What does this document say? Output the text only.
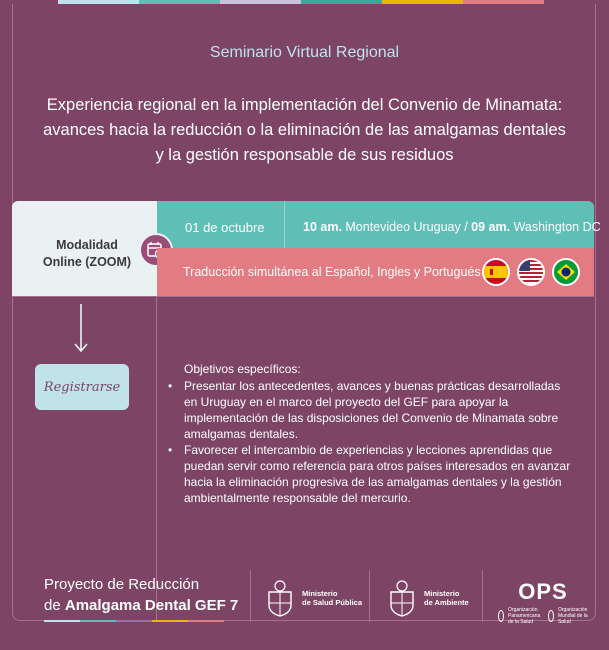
Seminario Virtual Regional
Experiencia regional en la implementación del Convenio de Minamata:
avances hacia la reducción o la eliminación de las amalgamas dentales
y la gestión responsable de sus residuos
Modalidad
Online (ZOOM)
01 de octubre	10 am. Montevideo Uruguay / 09 am. Washington DC
Traducción simultánea al Español, Ingles y Portugués
Registrarse
Objetivos específicos:
• Presentar los antecedentes, avances y buenas prácticas desarrolladas en Uruguay en el marco del proyecto del GEF para apoyar la implementación de las disposiciones del Convenio de Minamata sobre amalgamas dentales.
• Favorecer el intercambio de experiencias y lecciones aprendidas que puedan servir como referencia para otros países interesados en avanzar hacia la eliminación progresiva de las amalgamas dentales y la gestión ambientalmente responsable del mercurio.
Proyecto de Reducción
de Amalgama Dental GEF 7
Ministerio
de Salud Pública
Ministerio
de Ambiente	OPS
Organización Panamericana de la Salud
Organización Mundial de la Salud
